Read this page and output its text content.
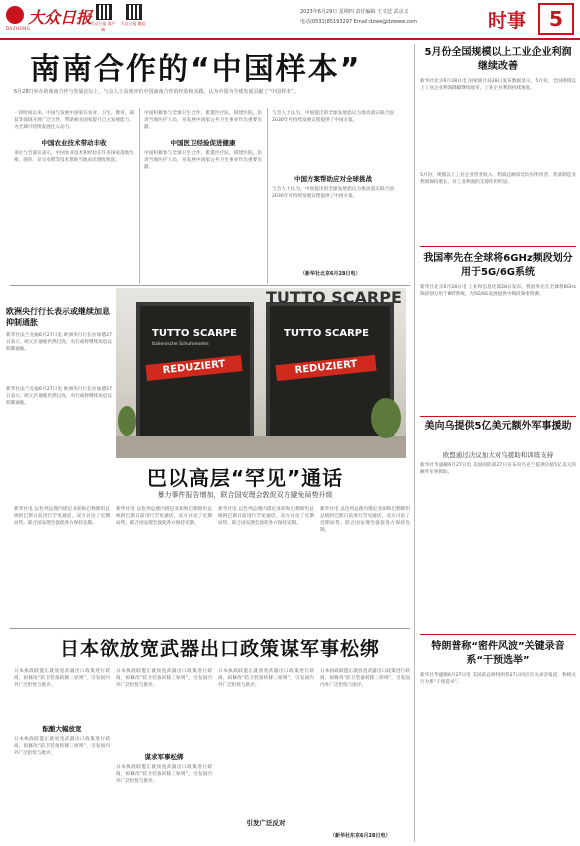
大众日报
DAZHONG
大众日报 客户端
大众日报 微信
2023年6月29日 星期四 责任编辑 王文廷 武京义
电话(0531)85193297 Email:dzwe@dzwww.com	时事	5
南南合作的“中国样本”
6月28日举办的南南合作与发展论坛上，与会人士高度评价中国南南合作的经验和实践，认为中国为全球发展贡献了“中国样本”。
一段时间以来，中国与发展中国家在农业、卫生、教育、减贫等领域开展广泛合作，帮助相关国家提升自主发展能力，为全球可持续发展注入动力。
中国农业技术带动丰收
多位与会嘉宾表示，中国农业技术和经验在许多国家落地生根，菌草、杂交水稻等技术帮助当地农民增收致富。
中国医卫经验促进健康
中国积极参与全球卫生合作，派遣医疗队、援建医院、培训当地医护人员，为发展中国家公共卫生事业作出重要贡献。
中国积极参与全球卫生合作，派遣医疗队、援建医院、培训当地医护人员，为发展中国家公共卫生事业作出重要贡献。
中国方案帮助应对全球挑战
与会人士认为，中国提出的全球发展倡议为推动落实联合国2030年可持续发展议程提供了中国方案。
与会人士认为，中国提出的全球发展倡议为推动落实联合国2030年可持续发展议程提供了中国方案。
（新华社北京6月28日电）
欧洲央行行长表示或继续加息抑制通胀
新华社法兰克福6月27日电 欧洲央行行长拉加德27日表示，欧元区通胀仍然过高，央行或将继续加息以抑制通胀。
新华社法兰克福6月27日电 欧洲央行行长拉加德27日表示，欧元区通胀仍然过高，央行或将继续加息以抑制通胀。
TUTTO SCARPE
TUTTO SCARPE
Italienische Schuhmoden
TUTTO SCARPE
REDUZIERT	REDUZIERT
巴以高层“罕见”通话
暴力事件报告增加，联合国安理会敦促双方避免局势升级
新华社电 以色列总理内塔尼亚胡和巴勒斯坦总统阿巴斯日前进行罕见通话，双方讨论了近期局势。联合国安理会敦促各方保持克制。
新华社电 以色列总理内塔尼亚胡和巴勒斯坦总统阿巴斯日前进行罕见通话，双方讨论了近期局势。联合国安理会敦促各方保持克制。
新华社电 以色列总理内塔尼亚胡和巴勒斯坦总统阿巴斯日前进行罕见通话，双方讨论了近期局势。联合国安理会敦促各方保持克制。
新华社电 以色列总理内塔尼亚胡和巴勒斯坦总统阿巴斯日前进行罕见通话，双方讨论了近期局势。联合国安理会敦促各方保持克制。
日本欲放宽武器出口政策谋军事松绑
日本执政联盟正就放宽武器出口政策进行磋商，拟修改“防卫装备转移三原则”，引发国内外广泛担忧与批评。
酝酿大幅放宽
日本执政联盟正就放宽武器出口政策进行磋商，拟修改“防卫装备转移三原则”，引发国内外广泛担忧与批评。
日本执政联盟正就放宽武器出口政策进行磋商，拟修改“防卫装备转移三原则”，引发国内外广泛担忧与批评。
谋求军事松绑
日本执政联盟正就放宽武器出口政策进行磋商，拟修改“防卫装备转移三原则”，引发国内外广泛担忧与批评。
日本执政联盟正就放宽武器出口政策进行磋商，拟修改“防卫装备转移三原则”，引发国内外广泛担忧与批评。
引发广泛反对
日本执政联盟正就放宽武器出口政策进行磋商，拟修改“防卫装备转移三原则”，引发国内外广泛担忧与批评。
（新华社东京6月28日电）
5月份全国规模以上工业企业利润继续改善
新华社北京6月28日电 国家统计局28日发布数据显示，5月份，全国规模以上工业企业利润降幅继续收窄，工业企业利润持续恢复。
5月份，规模以上工业企业营业收入、利润总额同比均有所改善，装备制造业利润保持增长，对工业利润的支撑作用明显。
我国率先在全球将6GHz频段划分用于5G/6G系统
新华社北京6月28日电 工业和信息化部28日发布，我国率先在全球将6GHz频段划分用于IMT系统，为5G/6G发展提供中频段频率资源。
美向乌提供5亿美元额外军事援助
欧盟通过决议加大对乌援助和训练支持
新华社华盛顿6月27日电 美国国防部27日宣布向乌克兰提供价值5亿美元的额外军事援助。
特朗普称“密件风波”关键录音系“干预选举”
新华社华盛顿6月27日电 美国前总统特朗普27日回应有关录音报道，称相关行为系“干预选举”。
